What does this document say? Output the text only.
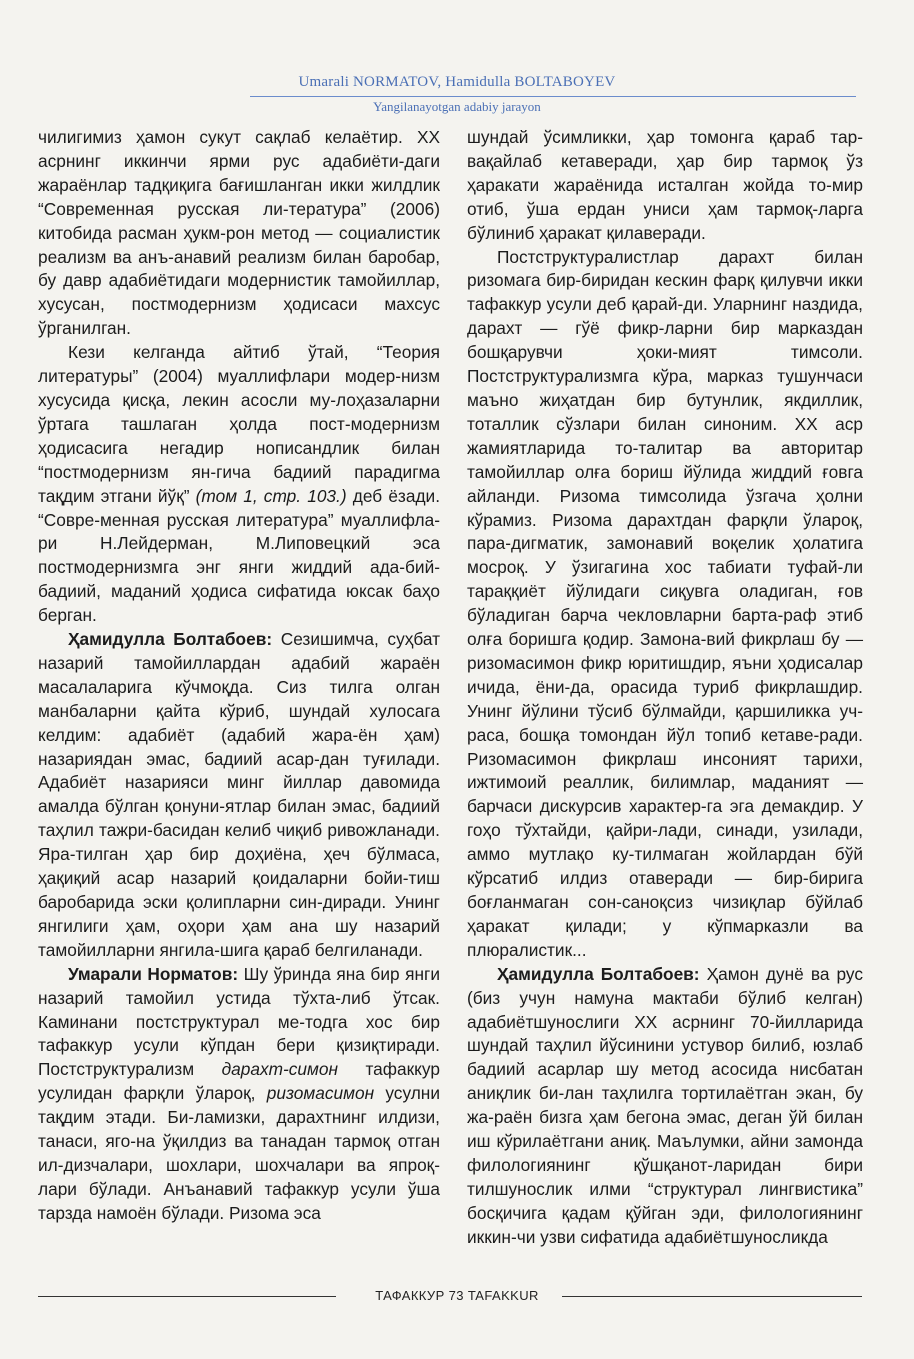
Umarali NORMATOV, Hamidulla BOLTABOYEV
Yangilanayotgan adabiy jarayon

чилигимиз ҳамон сукут сақлаб келаётир. XX асрнинг иккинчи ярми рус адабиёти-даги жараёнлар тадқиқига бағишланган икки жилдлик “Современная русская ли-тература” (2006) китобида расман ҳукм-рон метод — социалистик реализм ва анъ-анавий реализм билан баробар, бу давр адабиётидаги модернистик тамойиллар, хусусан, постмодернизм ҳодисаси махсус ўрганилган.

Кези келганда айтиб ўтай, “Теория литературы” (2004) муаллифлари модер-низм хусусида қисқа, лекин асосли му-лоҳазаларни ўртага ташлаган ҳолда пост-модернизм ҳодисасига негадир нописандлик билан “постмодернизм ян-гича бадиий парадигма тақдим этгани йўқ” (том 1, стр. 103.) деб ёзади. “Совре-менная русская литература” муаллифла-ри Н.Лейдерман, М.Липовецкий эса постмодернизмга энг янги жиддий ада-бий-бадиий, маданий ҳодиса сифатида юксак баҳо берган.

Ҳамидулла Болтабоев: Сезишимча, суҳбат назарий тамойиллардан адабий жараён масалаларига кўчмоқда. Сиз тилга олган манбаларни қайта кўриб, шундай хулосага келдим: адабиёт (адабий жара-ён ҳам) назариядан эмас, бадиий асар-дан туғилади. Адабиёт назарияси минг йиллар давомида амалда бўлган қонуни-ятлар билан эмас, бадиий таҳлил тажри-басидан келиб чиқиб ривожланади. Яра-тилган ҳар бир доҳиёна, ҳеч бўлмаса, ҳақиқий асар назарий қоидаларни бойи-тиш баробарида эски қолипларни син-диради. Унинг янгилиги ҳам, оҳори ҳам ана шу назарий тамойилларни янгила-шига қараб белгиланади.

Умарали Норматов: Шу ўринда яна бир янги назарий тамойил устида тўхта-либ ўтсак. Каминани постструктурал ме-тодга хос бир тафаккур усули кўпдан бери қизиқтиради. Постструктурализм дарахт-симон тафаккур усулидан фарқли ўлароқ, ризомасимон усулни тақдим этади. Би-ламизки, дарахтнинг илдизи, танаси, яго-на ўқилдиз ва танадан тармоқ отган ил-дизчалари, шохлари, шохчалари ва япроқ-лари бўлади. Анъанавий тафаккур усули ўша тарзда намоён бўлади. Ризома эса

шундай ўсимликки, ҳар томонга қараб тар-вақайлаб кетаверади, ҳар бир тармоқ ўз ҳаракати жараёнида исталган жойда то-мир отиб, ўша ердан униси ҳам тармоқ-ларга бўлиниб ҳаракат қилаверади.

Постструктуралистлар дарахт билан ризомага бир-биридан кескин фарқ қилувчи икки тафаккур усули деб қарай-ди. Уларнинг наздида, дарахт — гўё фикр-ларни бир марказдан бошқарувчи ҳоки-мият тимсоли. Постструктурализмга кўра, марказ тушунчаси маъно жиҳатдан бир бутунлик, якдиллик, тоталлик сўзлари билан синоним. XX аср жамиятларида то-талитар ва авторитар тамойиллар олға бориш йўлида жиддий ғовга айланди. Ризома тимсолида ўзгача ҳолни кўрамиз. Ризома дарахтдан фарқли ўлароқ, пара-дигматик, замонавий воқелик ҳолатига мосроқ. У ўзигагина хос табиати туфай-ли тараққиёт йўлидаги сиқувга оладиган, ғов бўладиган барча чекловларни барта-раф этиб олға боришга қодир. Замона-вий фикрлаш бу — ризомасимон фикр юритишдир, яъни ҳодисалар ичида, ёни-да, орасида туриб фикрлашдир. Унинг йўлини тўсиб бўлмайди, қаршиликка уч-раса, бошқа томондан йўл топиб кетаве-ради. Ризомасимон фикрлаш инсоният тарихи, ижтимоий реаллик, билимлар, маданият — барчаси дискурсив характер-га эга демакдир. У гоҳо тўхтайди, қайри-лади, синади, узилади, аммо мутлақо ку-тилмаган жойлардан бўй кўрсатиб илдиз отаверади — бир-бирига боғланмаган сон-саноқсиз чизиқлар бўйлаб ҳаракат қилади; у кўпмарказли ва плюралистик...

Ҳамидулла Болтабоев: Ҳамон дунё ва рус (биз учун намуна мактаби бўлиб келган) адабиётшунослиги XX асрнинг 70-йилларида шундай таҳлил йўсинини устувор билиб, юзлаб бадиий асарлар шу метод асосида нисбатан аниқлик би-лан таҳлилга тортилаётган экан, бу жа-раён бизга ҳам бегона эмас, деган ўй билан иш кўрилаётгани аниқ. Маълумки, айни замонда филологиянинг қўшқанот-ларидан бири тилшунослик илми “структурал лингвистика” босқичига қадам қўйган эди, филологиянинг иккин-чи узви сифатида адабиётшуносликда

ТАФАККУР 73 TAFAKKUR
